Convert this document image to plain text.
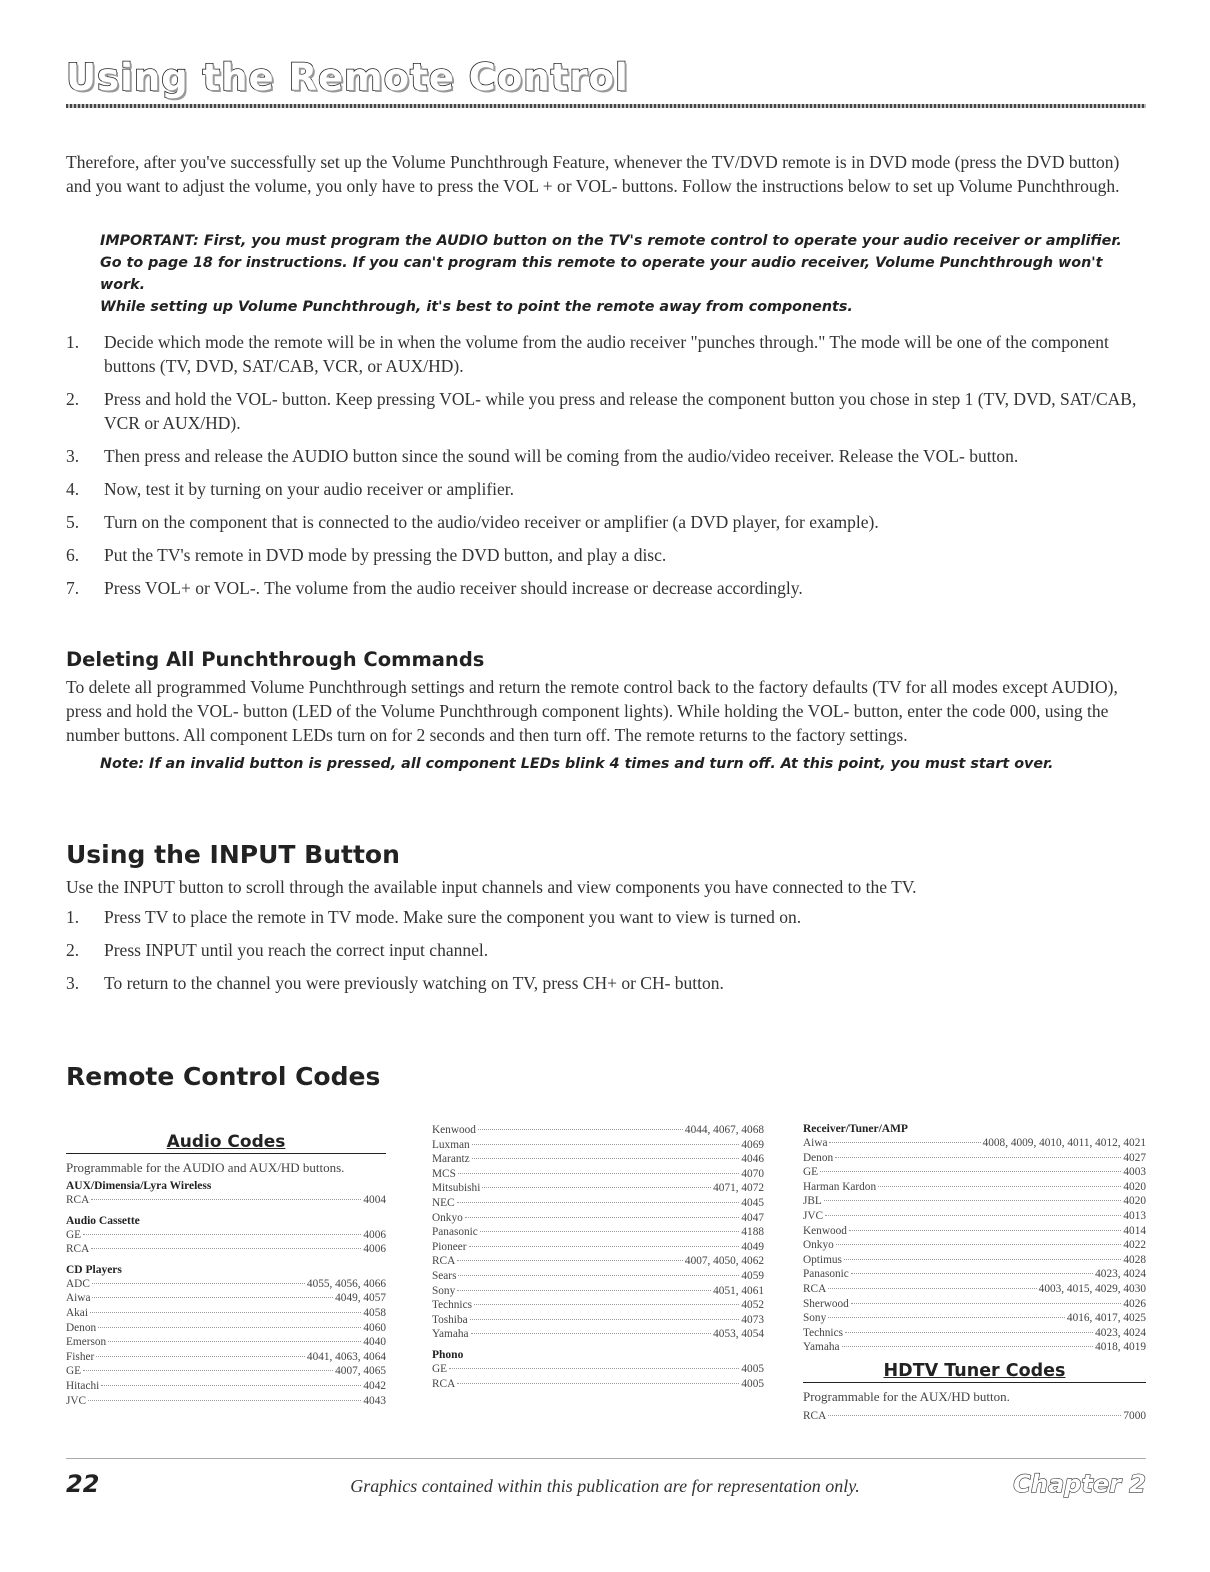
Using the Remote Control

Therefore, after you've successfully set up the Volume Punchthrough Feature, whenever the TV/DVD remote is in DVD mode (press the DVD button) and you want to adjust the volume, you only have to press the VOL + or VOL- buttons. Follow the instructions below to set up Volume Punchthrough.

IMPORTANT: First, you must program the AUDIO button on the TV's remote control to operate your audio receiver or amplifier. Go to page 18 for instructions. If you can't program this remote to operate your audio receiver, Volume Punchthrough won't work.

While setting up Volume Punchthrough, it's best to point the remote away from components.

1.	Decide which mode the remote will be in when the volume from the audio receiver "punches through." The mode will be one of the component buttons (TV, DVD, SAT/CAB, VCR, or AUX/HD).
2.	Press and hold the VOL- button. Keep pressing VOL- while you press and release the component button you chose in step 1 (TV, DVD, SAT/CAB, VCR or AUX/HD).
3.	Then press and release the AUDIO button since the sound will be coming from the audio/video receiver. Release the VOL- button.
4.	Now, test it by turning on your audio receiver or amplifier.
5.	Turn on the component that is connected to the audio/video receiver or amplifier (a DVD player, for example).
6.	Put the TV's remote in DVD mode by pressing the DVD button, and play a disc.
7.	Press VOL+ or VOL-. The volume from the audio receiver should increase or decrease accordingly.
Deleting All Punchthrough Commands

To delete all programmed Volume Punchthrough settings and return the remote control back to the factory defaults (TV for all modes except AUDIO), press and hold the VOL- button (LED of the Volume Punchthrough component lights). While holding the VOL- button, enter the code 000, using the number buttons. All component LEDs turn on for 2 seconds and then turn off. The remote returns to the factory settings.

Note: If an invalid button is pressed, all component LEDs blink 4 times and turn off. At this point, you must start over.

Using the INPUT Button

Use the INPUT button to scroll through the available input channels and view components you have connected to the TV.

1.	Press TV to place the remote in TV mode. Make sure the component you want to view is turned on.
2.	Press INPUT until you reach the correct input channel.
3.	To return to the channel you were previously watching on TV, press CH+ or CH- button.
Remote Control Codes
Audio Codes
Programmable for the AUDIO and AUX/HD buttons.
AUX/Dimensia/Lyra Wireless
RCA	4004
Audio Cassette
GE	4006
RCA	4006
CD Players
ADC	4055, 4056, 4066
Aiwa	4049, 4057
Akai	4058
Denon	4060
Emerson	4040
Fisher	4041, 4063, 4064
GE	4007, 4065
Hitachi	4042
JVC	4043
Kenwood	4044, 4067, 4068
Luxman	4069
Marantz	4046
MCS	4070
Mitsubishi	4071, 4072
NEC	4045
Onkyo	4047
Panasonic	4188
Pioneer	4049
RCA	4007, 4050, 4062
Sears	4059
Sony	4051, 4061
Technics	4052
Toshiba	4073
Yamaha	4053, 4054
Phono
GE	4005
RCA	4005
Receiver/Tuner/AMP
Aiwa	4008, 4009, 4010, 4011, 4012, 4021
Denon	4027
GE	4003
Harman Kardon	4020
JBL	4020
JVC	4013
Kenwood	4014
Onkyo	4022
Optimus	4028
Panasonic	4023, 4024
RCA	4003, 4015, 4029, 4030
Sherwood	4026
Sony	4016, 4017, 4025
Technics	4023, 4024
Yamaha	4018, 4019
HDTV Tuner Codes
Programmable for the AUX/HD button.
RCA	7000
22	Graphics contained within this publication are for representation only.	Chapter 2
